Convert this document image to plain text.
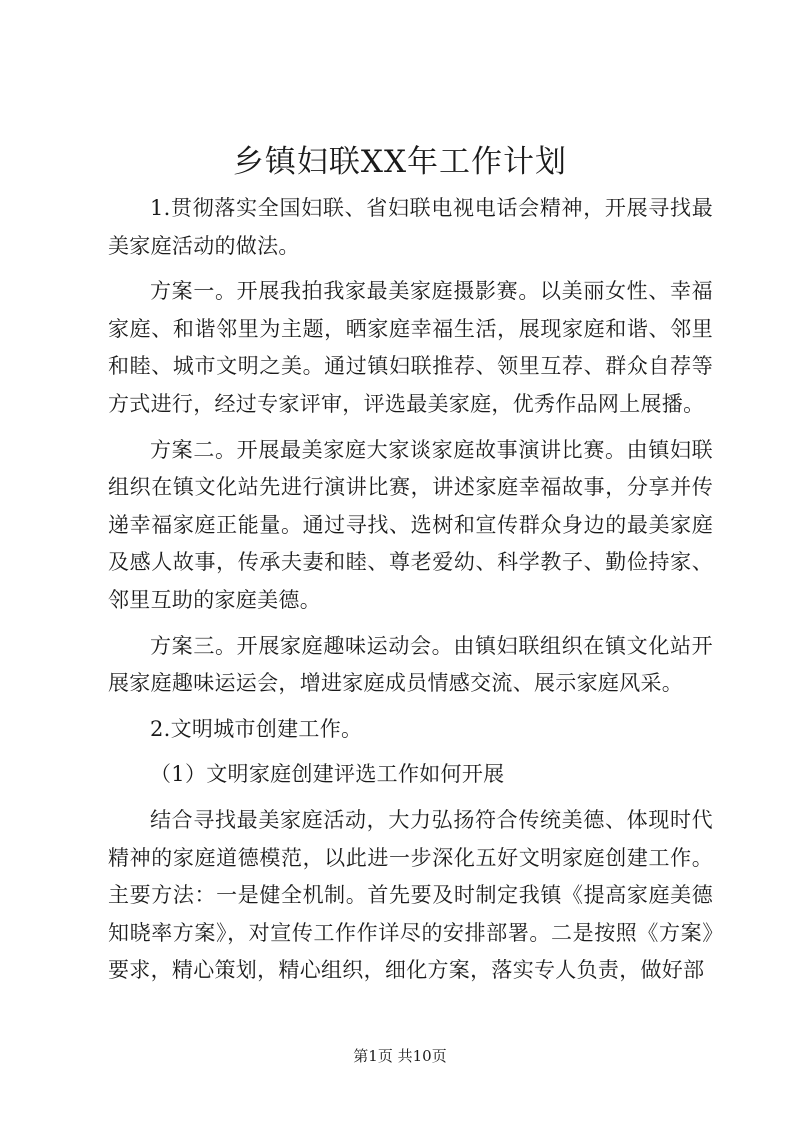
乡镇妇联XX年工作计划

1.贯彻落实全国妇联、省妇联电视电话会精神，开展寻找最美家庭活动的做法。

方案一。开展我拍我家最美家庭摄影赛。以美丽女性、幸福家庭、和谐邻里为主题，晒家庭幸福生活，展现家庭和谐、邻里和睦、城市文明之美。通过镇妇联推荐、领里互荐、群众自荐等方式进行，经过专家评审，评选最美家庭，优秀作品网上展播。

方案二。开展最美家庭大家谈家庭故事演讲比赛。由镇妇联组织在镇文化站先进行演讲比赛，讲述家庭幸福故事，分享并传递幸福家庭正能量。通过寻找、选树和宣传群众身边的最美家庭及感人故事，传承夫妻和睦、尊老爱幼、科学教子、勤俭持家、邻里互助的家庭美德。

方案三。开展家庭趣味运动会。由镇妇联组织在镇文化站开展家庭趣味运运会，增进家庭成员情感交流、展示家庭风采。

2.文明城市创建工作。

（1）文明家庭创建评选工作如何开展

结合寻找最美家庭活动，大力弘扬符合传统美德、体现时代精神的家庭道德模范，以此进一步深化五好文明家庭创建工作。主要方法：一是健全机制。首先要及时制定我镇《提高家庭美德知晓率方案》，对宣传工作作详尽的安排部署。二是按照《方案》要求，精心策划，精心组织，细化方案，落实专人负责，做好部

第1页 共10页
